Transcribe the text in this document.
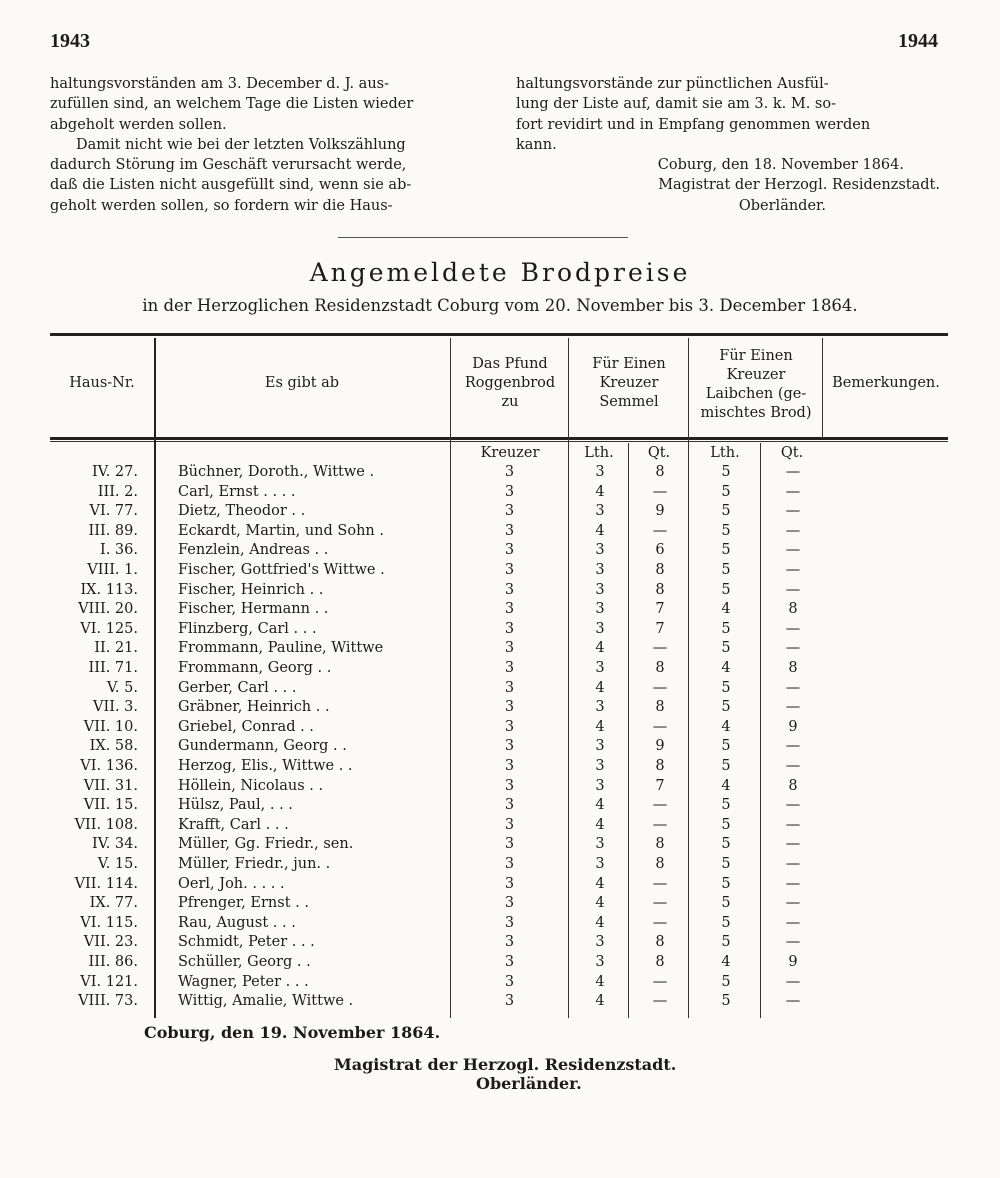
1943	1944

haltungsvorständen am 3. December d. J. aus-

zufüllen sind, an welchem Tage die Listen wieder

abgeholt werden sollen.

Damit nicht wie bei der letzten Volkszählung

dadurch Störung im Geschäft verursacht werde,

daß die Listen nicht ausgefüllt sind, wenn sie ab-

geholt werden sollen, so fordern wir die Haus-

haltungsvorstände zur pünctlichen Ausfül-

lung der Liste auf, damit sie am 3. k. M. so-

fort revidirt und in Empfang genommen werden

kann.

Coburg, den 18. November 1864.

Magistrat der Herzogl. Residenzstadt.

Oberländer.

Angemeldete Brodpreise
in der Herzoglichen Residenzstadt Coburg vom 20. November bis 3. December 1864.
Haus-Nr.	Es gibt ab
Das Pfund
Roggenbrod
zu
Für Einen
Kreuzer
Semmel
Für Einen
Kreuzer
Laibchen (ge-
mischtes Brod)
Bemerkungen.
Kreuzer	Lth.	Qt.	Lth.	Qt.
IV. 27.	Büchner, Doroth., Wittwe .	3	3	8	5	—
III. 2.	Carl, Ernst . . . .	3	4	—	5	—
VI. 77.	Dietz, Theodor . .	3	3	9	5	—
III. 89.	Eckardt, Martin, und Sohn .	3	4	—	5	—
I. 36.	Fenzlein, Andreas . .	3	3	6	5	—
VIII. 1.	Fischer, Gottfried's Wittwe .	3	3	8	5	—
IX. 113.	Fischer, Heinrich . .	3	3	8	5	—
VIII. 20.	Fischer, Hermann . .	3	3	7	4	8
VI. 125.	Flinzberg, Carl . . .	3	3	7	5	—
II. 21.	Frommann, Pauline, Wittwe	3	4	—	5	—
III. 71.	Frommann, Georg . .	3	3	8	4	8
V. 5.	Gerber, Carl . . .	3	4	—	5	—
VII. 3.	Gräbner, Heinrich . .	3	3	8	5	—
VII. 10.	Griebel, Conrad . .	3	4	—	4	9
IX. 58.	Gundermann, Georg . .	3	3	9	5	—
VI. 136.	Herzog, Elis., Wittwe . .	3	3	8	5	—
VII. 31.	Höllein, Nicolaus . .	3	3	7	4	8
VII. 15.	Hülsz, Paul, . . .	3	4	—	5	—
VII. 108.	Krafft, Carl . . .	3	4	—	5	—
IV. 34.	Müller, Gg. Friedr., sen.	3	3	8	5	—
V. 15.	Müller, Friedr., jun. .	3	3	8	5	—
VII. 114.	Oerl, Joh. . . . .	3	4	—	5	—
IX. 77.	Pfrenger, Ernst . .	3	4	—	5	—
VI. 115.	Rau, August . . .	3	4	—	5	—
VII. 23.	Schmidt, Peter . . .	3	3	8	5	—
III. 86.	Schüller, Georg . .	3	3	8	4	9
VI. 121.	Wagner, Peter . . .	3	4	—	5	—
VIII. 73.	Wittig, Amalie, Wittwe .	3	4	—	5	—
Coburg, den 19. November 1864.
Magistrat der Herzogl. Residenzstadt.
Oberländer.
